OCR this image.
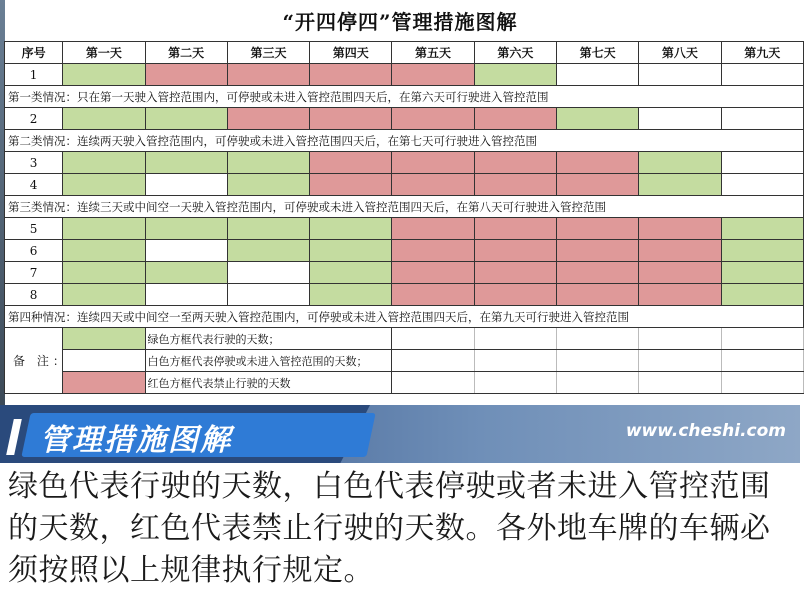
“开四停四”管理措施图解
序号	第一天	第二天	第三天	第四天	第五天	第六天	第七天	第八天	第九天
1									
第一类情况：只在第一天驶入管控范围内，可停驶或未进入管控范围四天后，在第六天可行驶进入管控范围									
2									
第二类情况：连续两天驶入管控范围内，可停驶或未进入管控范围四天后，在第七天可行驶进入管控范围									
3									
4									
第三类情况：连续三天或中间空一天驶入管控范围内，可停驶或未进入管控范围四天后，在第八天可行驶进入管控范围									
5									
6									
7									
8									
第四种情况：连续四天或中间空一至两天驶入管控范围内，可停驶或未进入管控范围四天后，在第九天可行驶进入管控范围									
备 注：		绿色方框代表行驶的天数；							
		白色方框代表停驶或未进入管控范围的天数；							
		红色方框代表禁止行驶的天数							
管理措施图解	www.cheshi.com
绿色代表行驶的天数，白色代表停驶或者未进入管控范围的天数，红色代表禁止行驶的天数。各外地车牌的车辆必须按照以上规律执行规定。
